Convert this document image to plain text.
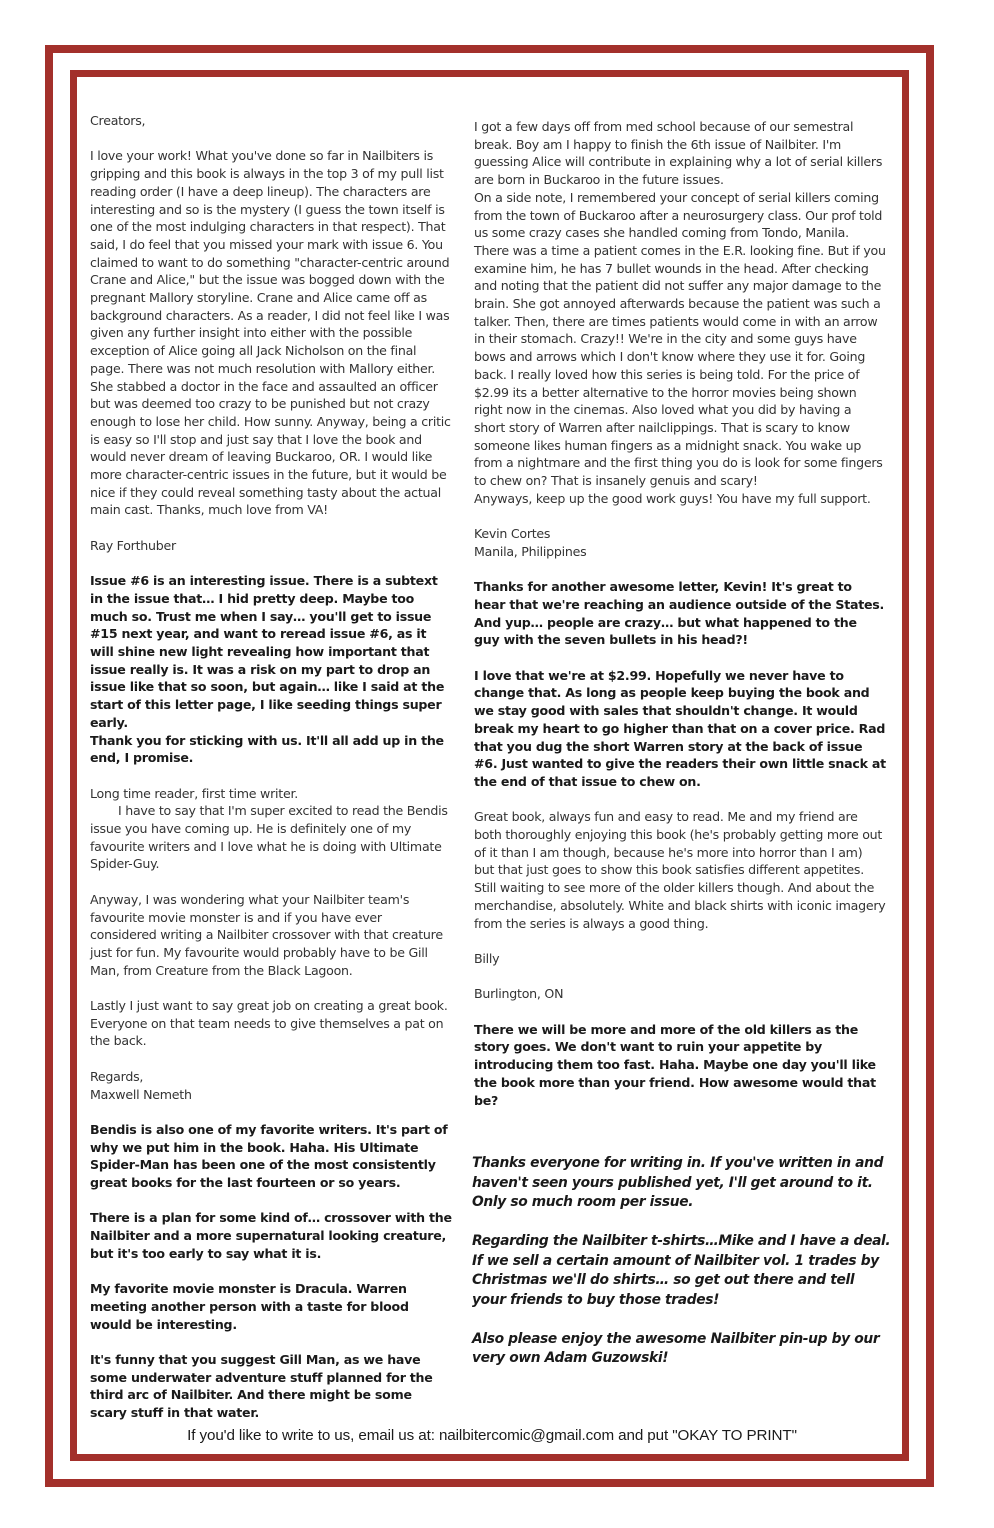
Creators,

I love your work! What you've done so far in Nailbiters is gripping and this book is always in the top 3 of my pull list reading order (I have a deep lineup). The characters are interesting and so is the mystery (I guess the town itself is one of the most indulging characters in that respect). That said, I do feel that you missed your mark with issue 6. You claimed to want to do something "character-centric around Crane and Alice," but the issue was bogged down with the pregnant Mallory storyline. Crane and Alice came off as background characters. As a reader, I did not feel like I was given any further insight into either with the possible exception of Alice going all Jack Nicholson on the final page. There was not much resolution with Mallory either. She stabbed a doctor in the face and assaulted an officer but was deemed too crazy to be punished but not crazy enough to lose her child. How sunny. Anyway, being a critic is easy so I'll stop and just say that I love the book and would never dream of leaving Buckaroo, OR. I would like more character-centric issues in the future, but it would be nice if they could reveal something tasty about the actual main cast. Thanks, much love from VA!

Ray Forthuber

Issue #6 is an interesting issue. There is a subtext in the issue that… I hid pretty deep. Maybe too much so. Trust me when I say… you'll get to issue #15 next year, and want to reread issue #6, as it will shine new light revealing how important that issue really is. It was a risk on my part to drop an issue like that so soon, but again… like I said at the start of this letter page, I like seeding things super early.

Thank you for sticking with us. It'll all add up in the end, I promise.

Long time reader, first time writer.

I have to say that I'm super excited to read the Bendis issue you have coming up. He is definitely one of my favourite writers and I love what he is doing with Ultimate Spider-Guy.

Anyway, I was wondering what your Nailbiter team's favourite movie monster is and if you have ever considered writing a Nailbiter crossover with that creature just for fun. My favourite would probably have to be Gill Man, from Creature from the Black Lagoon.

Lastly I just want to say great job on creating a great book. Everyone on that team needs to give themselves a pat on the back.

Regards,

Maxwell Nemeth

Bendis is also one of my favorite writers. It's part of why we put him in the book. Haha. His Ultimate Spider-Man has been one of the most consistently great books for the last fourteen or so years.

There is a plan for some kind of… crossover with the Nailbiter and a more supernatural looking creature, but it's too early to say what it is.

My favorite movie monster is Dracula. Warren meeting another person with a taste for blood would be interesting.

It's funny that you suggest Gill Man, as we have some underwater adventure stuff planned for the third arc of Nailbiter. And there might be some scary stuff in that water.

I got a few days off from med school because of our semestral break. Boy am I happy to finish the 6th issue of Nailbiter. I'm guessing Alice will contribute in explaining why a lot of serial killers are born in Buckaroo in the future issues.

On a side note, I remembered your concept of serial killers coming from the town of Buckaroo after a neurosurgery class. Our prof told us some crazy cases she handled coming from Tondo, Manila. There was a time a patient comes in the E.R. looking fine. But if you examine him, he has 7 bullet wounds in the head. After checking and noting that the patient did not suffer any major damage to the brain. She got annoyed afterwards because the patient was such a talker. Then, there are times patients would come in with an arrow in their stomach. Crazy!! We're in the city and some guys have bows and arrows which I don't know where they use it for. Going back. I really loved how this series is being told. For the price of $2.99 its a better alternative to the horror movies being shown right now in the cinemas. Also loved what you did by having a short story of Warren after nailclippings. That is scary to know someone likes human fingers as a midnight snack. You wake up from a nightmare and the first thing you do is look for some fingers to chew on? That is insanely genuis and scary!

Anyways, keep up the good work guys! You have my full support.

Kevin Cortes

Manila, Philippines

Thanks for another awesome letter, Kevin! It's great to hear that we're reaching an audience outside of the States. And yup… people are crazy… but what happened to the guy with the seven bullets in his head?!

I love that we're at $2.99. Hopefully we never have to change that. As long as people keep buying the book and we stay good with sales that shouldn't change. It would break my heart to go higher than that on a cover price. Rad that you dug the short Warren story at the back of issue #6. Just wanted to give the readers their own little snack at the end of that issue to chew on.

Great book, always fun and easy to read. Me and my friend are both thoroughly enjoying this book (he's probably getting more out of it than I am though, because he's more into horror than I am) but that just goes to show this book satisfies different appetites. Still waiting to see more of the older killers though. And about the merchandise, absolutely. White and black shirts with iconic imagery from the series is always a good thing.

Billy

Burlington, ON

There we will be more and more of the old killers as the story goes. We don't want to ruin your appetite by introducing them too fast. Haha. Maybe one day you'll like the book more than your friend. How awesome would that be?

Thanks everyone for writing in. If you've written in and haven't seen yours published yet, I'll get around to it. Only so much room per issue.

Regarding the Nailbiter t-shirts…Mike and I have a deal. If we sell a certain amount of Nailbiter vol. 1 trades by Christmas we'll do shirts… so get out there and tell your friends to buy those trades!

Also please enjoy the awesome Nailbiter pin-up by our very own Adam Guzowski!

If you'd like to write to us, email us at: nailbitercomic@gmail.com and put "OKAY TO PRINT"
